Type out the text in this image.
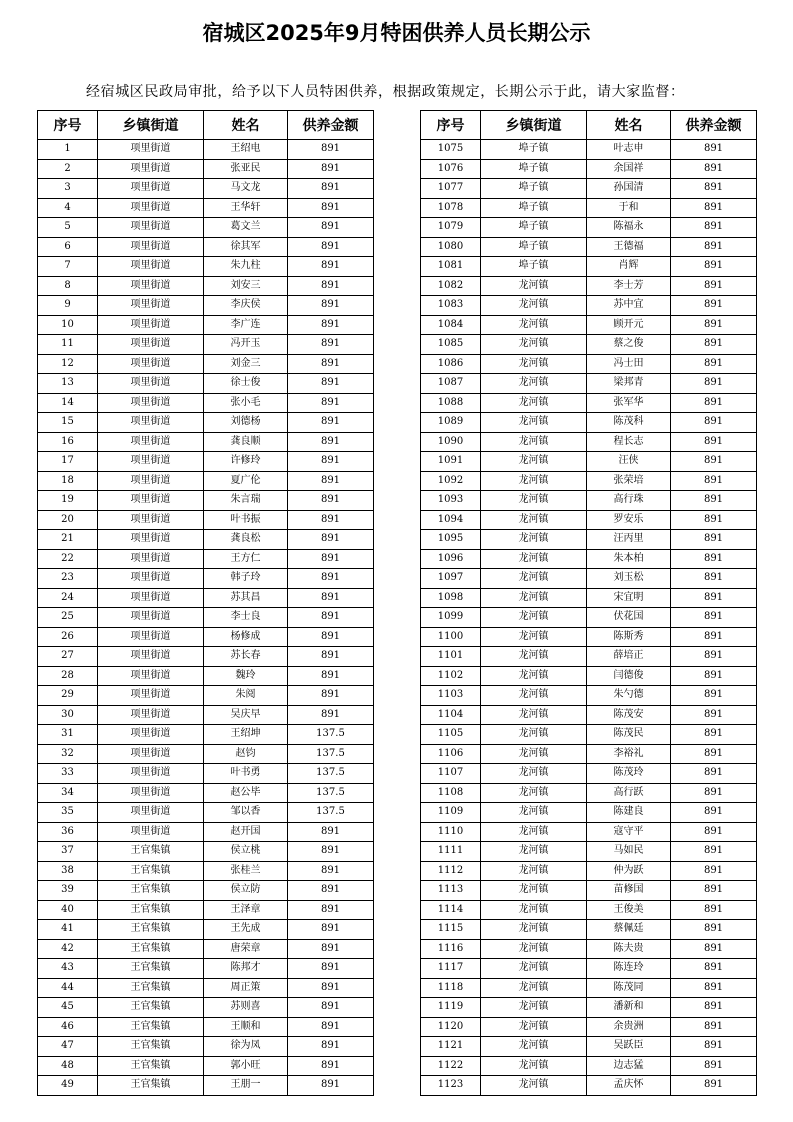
宿城区2025年9月特困供养人员长期公示
经宿城区民政局审批，给予以下人员特困供养，根据政策规定，长期公示于此，请大家监督：
序号	乡镇街道	姓名	供养金额
1	项里街道	王绍电	891
2	项里街道	张亚民	891
3	项里街道	马文龙	891
4	项里街道	王华轩	891
5	项里街道	葛文兰	891
6	项里街道	徐其军	891
7	项里街道	朱九柱	891
8	项里街道	刘安三	891
9	项里街道	李庆侯	891
10	项里街道	李广连	891
11	项里街道	冯开玉	891
12	项里街道	刘金三	891
13	项里街道	徐士俊	891
14	项里街道	张小毛	891
15	项里街道	刘德杨	891
16	项里街道	龚良顺	891
17	项里街道	许修玲	891
18	项里街道	夏广伦	891
19	项里街道	朱言瑞	891
20	项里街道	叶书振	891
21	项里街道	龚良松	891
22	项里街道	王方仁	891
23	项里街道	韩子玲	891
24	项里街道	苏其昌	891
25	项里街道	李士良	891
26	项里街道	杨修成	891
27	项里街道	苏长春	891
28	项里街道	魏玲	891
29	项里街道	朱阅	891
30	项里街道	吴庆早	891
31	项里街道	王绍坤	137.5
32	项里街道	赵钧	137.5
33	项里街道	叶书勇	137.5
34	项里街道	赵公毕	137.5
35	项里街道	邹以香	137.5
36	项里街道	赵开国	891
37	王官集镇	侯立桃	891
38	王官集镇	张桂兰	891
39	王官集镇	侯立防	891
40	王官集镇	王泽章	891
41	王官集镇	王先成	891
42	王官集镇	唐荣章	891
43	王官集镇	陈邦才	891
44	王官集镇	周正策	891
45	王官集镇	苏则喜	891
46	王官集镇	王顺和	891
47	王官集镇	徐为凤	891
48	王官集镇	郭小旺	891
49	王官集镇	王朋一	891
序号	乡镇街道	姓名	供养金额
1075	埠子镇	叶志申	891
1076	埠子镇	余国祥	891
1077	埠子镇	孙国清	891
1078	埠子镇	于和	891
1079	埠子镇	陈福永	891
1080	埠子镇	王德福	891
1081	埠子镇	肖辉	891
1082	龙河镇	李士芳	891
1083	龙河镇	苏中宜	891
1084	龙河镇	顾开元	891
1085	龙河镇	蔡之俊	891
1086	龙河镇	冯士田	891
1087	龙河镇	梁邦青	891
1088	龙河镇	张军华	891
1089	龙河镇	陈茂科	891
1090	龙河镇	程长志	891
1091	龙河镇	汪侠	891
1092	龙河镇	张荣培	891
1093	龙河镇	高行珠	891
1094	龙河镇	罗安乐	891
1095	龙河镇	汪丙里	891
1096	龙河镇	朱本柏	891
1097	龙河镇	刘玉松	891
1098	龙河镇	宋宜明	891
1099	龙河镇	伏花国	891
1100	龙河镇	陈斯秀	891
1101	龙河镇	薛培正	891
1102	龙河镇	闫德俊	891
1103	龙河镇	朱勺德	891
1104	龙河镇	陈茂安	891
1105	龙河镇	陈茂民	891
1106	龙河镇	李裕礼	891
1107	龙河镇	陈茂玲	891
1108	龙河镇	高行跃	891
1109	龙河镇	陈建良	891
1110	龙河镇	寇守平	891
1111	龙河镇	马如民	891
1112	龙河镇	仲为跃	891
1113	龙河镇	苗修国	891
1114	龙河镇	王俊美	891
1115	龙河镇	蔡佩廷	891
1116	龙河镇	陈夫贵	891
1117	龙河镇	陈连玲	891
1118	龙河镇	陈茂同	891
1119	龙河镇	潘新和	891
1120	龙河镇	余贵洲	891
1121	龙河镇	吴跃臣	891
1122	龙河镇	边志猛	891
1123	龙河镇	孟庆怀	891
